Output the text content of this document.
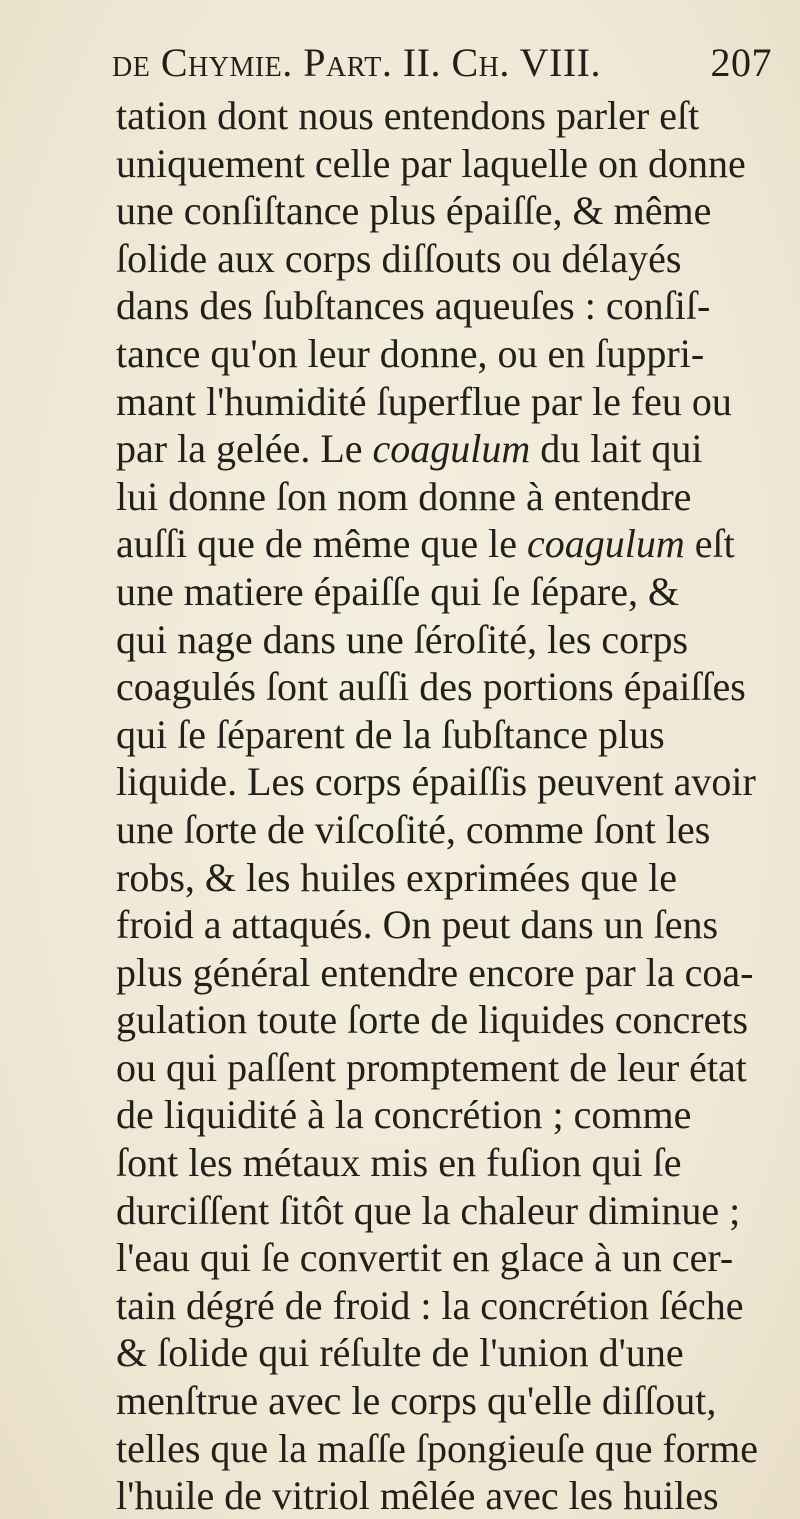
de Chymie. Part. II. Ch. VIII.	207
tation dont nous entendons parler eſt
uniquement celle par laquelle on donne
une conſiſtance plus épaiſſe, & même
ſolide aux corps diſſouts ou délayés
dans des ſubſtances aqueuſes : conſiſ-
tance qu'on leur donne, ou en ſuppri-
mant l'humidité ſuperflue par le feu ou
par la gelée. Le coagulum du lait qui
lui donne ſon nom donne à entendre
auſſi que de même que le coagulum eſt
une matiere épaiſſe qui ſe ſépare, &
qui nage dans une ſéroſité, les corps
coagulés ſont auſſi des portions épaiſſes
qui ſe ſéparent de la ſubſtance plus
liquide. Les corps épaiſſis peuvent avoir
une ſorte de viſcoſité, comme ſont les
robs, & les huiles exprimées que le
froid a attaqués. On peut dans un ſens
plus général entendre encore par la coa-
gulation toute ſorte de liquides concrets
ou qui paſſent promptement de leur état
de liquidité à la concrétion ; comme
ſont les métaux mis en fuſion qui ſe
durciſſent ſitôt que la chaleur diminue ;
l'eau qui ſe convertit en glace à un cer-
tain dégré de froid : la concrétion ſéche
& ſolide qui réſulte de l'union d'une
menſtrue avec le corps qu'elle diſſout,
telles que la maſſe ſpongieuſe que forme
l'huile de vitriol mêlée avec les huiles
